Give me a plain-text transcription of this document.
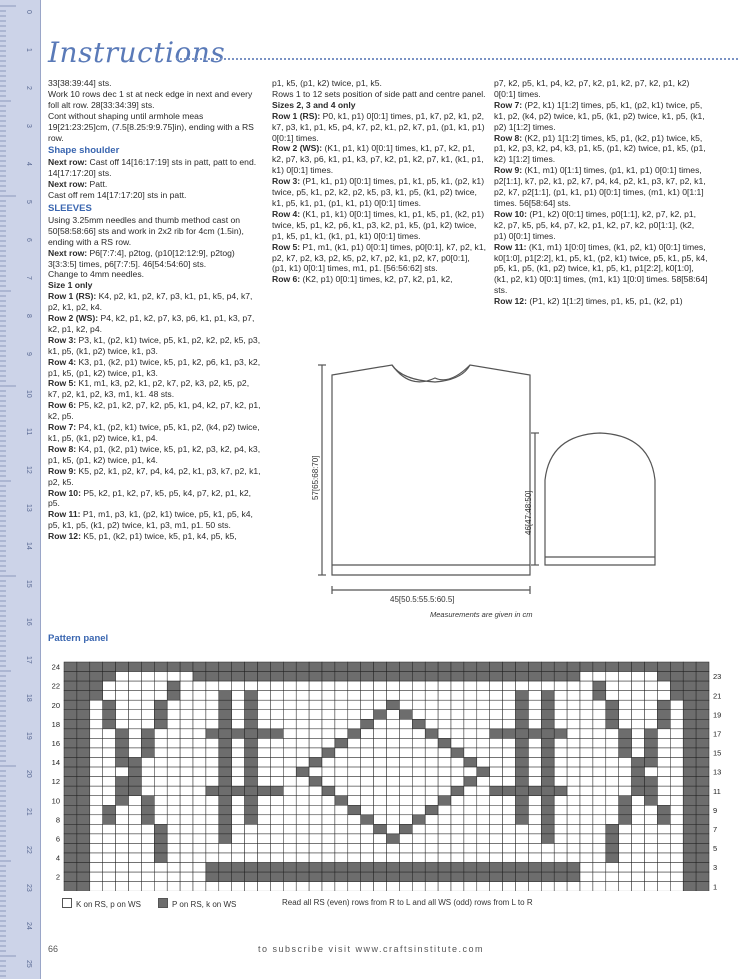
0
1
2
3
4
5
6
7
8
9
10
11
12
13
14
15
16
17
18
19
20
21
22
23
24
25
Instructions

33[38:39:44] sts.

Work 10 rows dec 1 st at neck edge in next and every foll alt row. 28[33:34:39] sts.

Cont without shaping until armhole meas 19[21:23:25]cm, (7.5[8.25:9:9.75]in), ending with a RS row.

Shape shoulder

Next row: Cast off 14[16:17:19] sts in patt, patt to end. 14[17:17:20] sts.

Next row: Patt.

Cast off rem 14[17:17:20] sts in patt.

SLEEVES

Using 3.25mm needles and thumb method cast on 50[58:58:66] sts and work in 2x2 rib for 4cm (1.5in), ending with a RS row.

Next row: P6[7:7:4], p2tog, (p10[12:12:9], p2tog) 3[3:3:5] times, p6[7:7:5]. 46[54:54:60] sts.

Change to 4mm needles.

Size 1 only

Row 1 (RS): K4, p2, k1, p2, k7, p3, k1, p1, k5, p4, k7, p2, k1, p2, k4.

Row 2 (WS): P4, k2, p1, k2, p7, k3, p6, k1, p1, k3, p7, k2, p1, k2, p4.

Row 3: P3, k1, (p2, k1) twice, p5, k1, p2, k2, p2, k5, p3, k1, p5, (k1, p2) twice, k1, p3.

Row 4: K3, p1, (k2, p1) twice, k5, p1, k2, p6, k1, p3, k2, p1, k5, (p1, k2) twice, p1, k3.

Row 5: K1, m1, k3, p2, k1, p2, k7, p2, k3, p2, k5, p2, k7, p2, k1, p2, k3, m1, k1. 48 sts.

Row 6: P5, k2, p1, k2, p7, k2, p5, k1, p4, k2, p7, k2, p1, k2, p5.

Row 7: P4, k1, (p2, k1) twice, p5, k1, p2, (k4, p2) twice, k1, p5, (k1, p2) twice, k1, p4.

Row 8: K4, p1, (k2, p1) twice, k5, p1, k2, p3, k2, p4, k3, p1, k5, (p1, k2) twice, p1, k4.

Row 9: K5, p2, k1, p2, k7, p4, k4, p2, k1, p3, k7, p2, k1, p2, k5.

Row 10: P5, k2, p1, k2, p7, k5, p5, k4, p7, k2, p1, k2, p5.

Row 11: P1, m1, p3, k1, (p2, k1) twice, p5, k1, p5, k4, p5, k1, p5, (k1, p2) twice, k1, p3, m1, p1. 50 sts.

Row 12: K5, p1, (k2, p1) twice, k5, p1, k4, p5, k5,

p1, k5, (p1, k2) twice, p1, k5.

Rows 1 to 12 sets position of side patt and centre panel.

Sizes 2, 3 and 4 only

Row 1 (RS): P0, k1, p1) 0[0:1] times, p1, k7, p2, k1, p2, k7, p3, k1, p1, k5, p4, k7, p2, k1, p2, k7, p1, (p1, k1, p1) 0[0:1] times.

Row 2 (WS): (K1, p1, k1) 0[0:1] times, k1, p7, k2, p1, k2, p7, k3, p6, k1, p1, k3, p7, k2, p1, k2, p7, k1, (k1, p1, k1) 0[0:1] times.

Row 3: (P1, k1, p1) 0[0:1] times, p1, k1, p5, k1, (p2, k1) twice, p5, k1, p2, k2, p2, k5, p3, k1, p5, (k1, p2) twice, k1, p5, k1, p1, (p1, k1, p1) 0[0:1] times.

Row 4: (K1, p1, k1) 0[0:1] times, k1, p1, k5, p1, (k2, p1) twice, k5, p1, k2, p6, k1, p3, k2, p1, k5, (p1, k2) twice, p1, k5, p1, k1, (k1, p1, k1) 0[0:1] times.

Row 5: P1, m1, (k1, p1) 0[0:1] times, p0[0:1], k7, p2, k1, p2, k7, p2, k3, p2, k5, p2, k7, p2, k1, p2, k7, p0[0:1], (p1, k1) 0[0:1] times, m1, p1. [56:56:62] sts.

Row 6: (K2, p1) 0[0:1] times, k2, p7, k2, p1, k2,

p7, k2, p5, k1, p4, k2, p7, k2, p1, k2, p7, k2, p1, k2) 0[0:1] times.

Row 7: (P2, k1) 1[1:2] times, p5, k1, (p2, k1) twice, p5, k1, p2, (k4, p2) twice, k1, p5, (k1, p2) twice, k1, p5, (k1, p2) 1[1:2] times.

Row 8: (K2, p1) 1[1:2] times, k5, p1, (k2, p1) twice, k5, p1, k2, p3, k2, p4, k3, p1, k5, (p1, k2) twice, p1, k5, (p1, k2) 1[1:2] times.

Row 9: (K1, m1) 0[1:1] times, (p1, k1, p1) 0[0:1] times, p2[1:1], k7, p2, k1, p2, k7, p4, k4, p2, k1, p3, k7, p2, k1, p2, k7, p2[1:1], (p1, k1, p1) 0[0:1] times, (m1, k1) 0[1:1] times. 56[58:64] sts.

Row 10: (P1, k2) 0[0:1] times, p0[1:1], k2, p7, k2, p1, k2, p7, k5, p5, k4, p7, k2, p1, k2, p7, k2, p0[1:1], (k2, p1) 0[0:1] times.

Row 11: (K1, m1) 1[0:0] times, (k1, p2, k1) 0[0:1] times, k0[1:0], p1[2:2], k1, p5, k1, (p2, k1) twice, p5, k1, p5, k4, p5, k1, p5, (k1, p2) twice, k1, p5, k1, p1[2:2], k0[1:0], (k1, p2, k1) 0[0:1] times, (m1, k1) 1[0:0] times. 58[58:64] sts.

Row 12: (P1, k2) 1[1:2] times, p1, k5, p1, (k2, p1)

57[65:68:70]
45[50.5:55.5:60.5]
46[47:48:50]
Measurements are given in cm
Pattern panel
24
22
20
18
16
14
12
10
8
6
4
2
23
21
19
17
15
13
11
9
7
5
3
1
K on RS, p on WS	P on RS, k on WS	Read all RS (even) rows from R to L and all WS (odd) rows from L to R
66	to subscribe visit www.craftsinstitute.com
